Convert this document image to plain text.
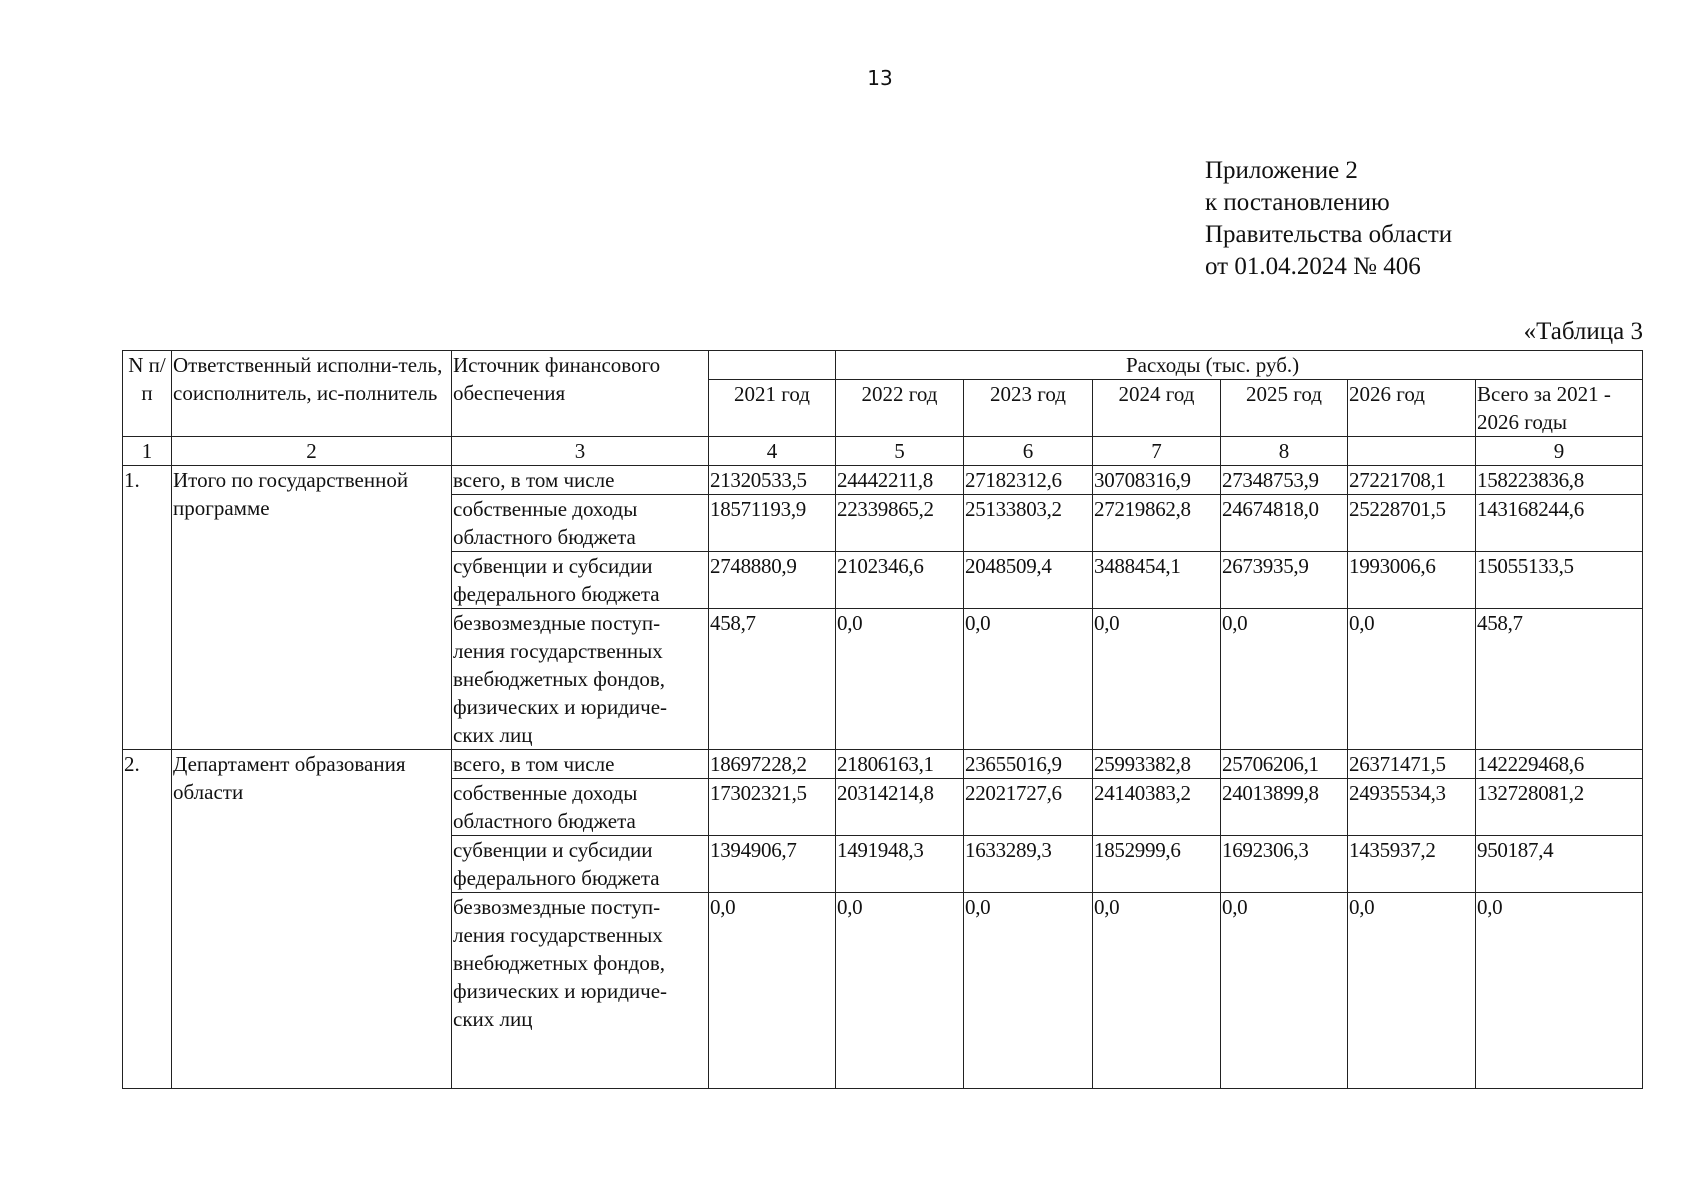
13
Приложение 2
к постановлению
Правительства области
от 01.04.2024 № 406
«Таблица 3
N п/п	Ответственный исполни-тель, соисполнитель, ис-полнитель	Источник финансового обеспечения		Расходы (тыс. руб.)					
			2021 год	2022 год	2023 год	2024 год	2025 год	2026 год	Всего за 2021 - 2026 годы
1	2	3	4	5	6	7	8		9
1.	Итого по государственной программе	всего, в том числе	21320533,5	24442211,8	27182312,6	30708316,9	27348753,9	27221708,1	158223836,8
		собственные доходы областного бюджета	18571193,9	22339865,2	25133803,2	27219862,8	24674818,0	25228701,5	143168244,6
		субвенции и субсидии федерального бюджета	2748880,9	2102346,6	2048509,4	3488454,1	2673935,9	1993006,6	15055133,5
		безвозмездные поступ-ления государственных внебюджетных фондов, физических и юридиче-ских лиц	458,7	0,0	0,0	0,0	0,0	0,0	458,7
2.	Департамент образования области	всего, в том числе	18697228,2	21806163,1	23655016,9	25993382,8	25706206,1	26371471,5	142229468,6
		собственные доходы областного бюджета	17302321,5	20314214,8	22021727,6	24140383,2	24013899,8	24935534,3	132728081,2
		субвенции и субсидии федерального бюджета	1394906,7	1491948,3	1633289,3	1852999,6	1692306,3	1435937,2	950187,4
		безвозмездные поступ-ления государственных внебюджетных фондов, физических и юридиче-ских лиц	0,0	0,0	0,0	0,0	0,0	0,0	0,0
